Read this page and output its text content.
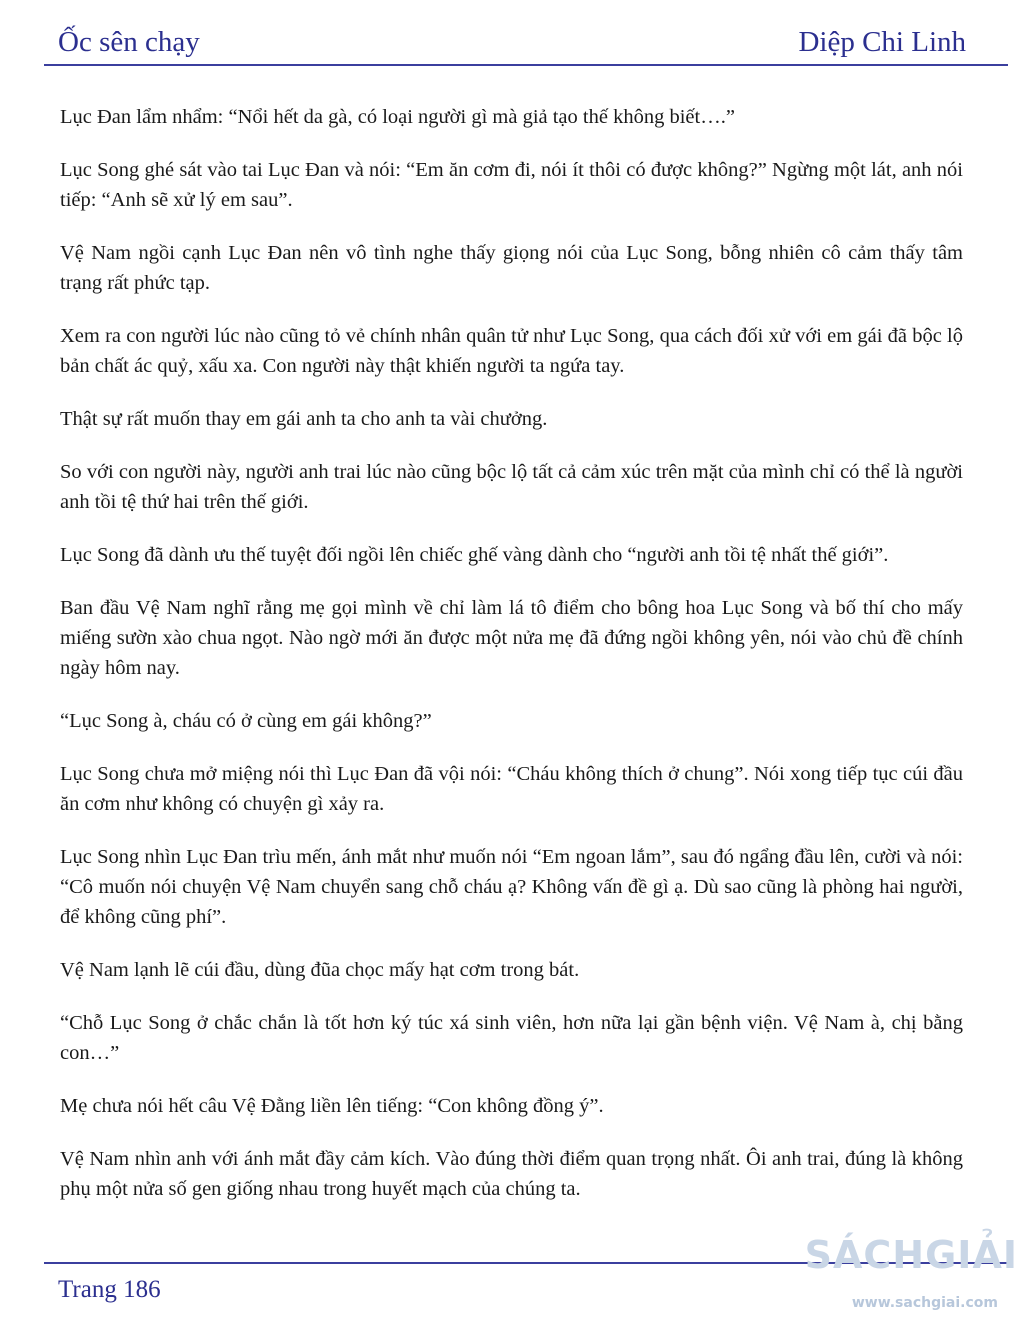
Ốc sên chạy	Diệp Chi Linh

Lục Đan lẩm nhẩm: “Nổi hết da gà, có loại người gì mà giả tạo thế không biết….”

Lục Song ghé sát vào tai Lục Đan và nói: “Em ăn cơm đi, nói ít thôi có được không?” Ngừng một lát, anh nói tiếp: “Anh sẽ xử lý em sau”.

Vệ Nam ngồi cạnh Lục Đan nên vô tình nghe thấy giọng nói của Lục Song, bỗng nhiên cô cảm thấy tâm trạng rất phức tạp.

Xem ra con người lúc nào cũng tỏ vẻ chính nhân quân tử như Lục Song, qua cách đối xử với em gái đã bộc lộ bản chất ác quỷ, xấu xa. Con người này thật khiến người ta ngứa tay.

Thật sự rất muốn thay em gái anh ta cho anh ta vài chưởng.

So với con người này, người anh trai lúc nào cũng bộc lộ tất cả cảm xúc trên mặt của mình chỉ có thể là người anh tồi tệ thứ hai trên thế giới.

Lục Song đã dành ưu thế tuyệt đối ngồi lên chiếc ghế vàng dành cho “người anh tồi tệ nhất thế giới”.

Ban đầu Vệ Nam nghĩ rằng mẹ gọi mình về chỉ làm lá tô điểm cho bông hoa Lục Song và bố thí cho mấy miếng sườn xào chua ngọt. Nào ngờ mới ăn được một nửa mẹ đã đứng ngồi không yên, nói vào chủ đề chính ngày hôm nay.

“Lục Song à, cháu có ở cùng em gái không?”

Lục Song chưa mở miệng nói thì Lục Đan đã vội nói: “Cháu không thích ở chung”. Nói xong tiếp tục cúi đầu ăn cơm như không có chuyện gì xảy ra.

Lục Song nhìn Lục Đan trìu mến, ánh mắt như muốn nói “Em ngoan lắm”, sau đó ngẩng đầu lên, cười và nói: “Cô muốn nói chuyện Vệ Nam chuyển sang chỗ cháu ạ? Không vấn đề gì ạ. Dù sao cũng là phòng hai người, để không cũng phí”.

Vệ Nam lạnh lẽ cúi đầu, dùng đũa chọc mấy hạt cơm trong bát.

“Chỗ Lục Song ở chắc chắn là tốt hơn ký túc xá sinh viên, hơn nữa lại gần bệnh viện. Vệ Nam à, chị bằng con…”

Mẹ chưa nói hết câu Vệ Đằng liền lên tiếng: “Con không đồng ý”.

Vệ Nam nhìn anh với ánh mắt đầy cảm kích. Vào đúng thời điểm quan trọng nhất. Ôi anh trai, đúng là không phụ một nửa số gen giống nhau trong huyết mạch của chúng ta.

Trang 186
SÁCHGIẢI
www.sachgiai.com
